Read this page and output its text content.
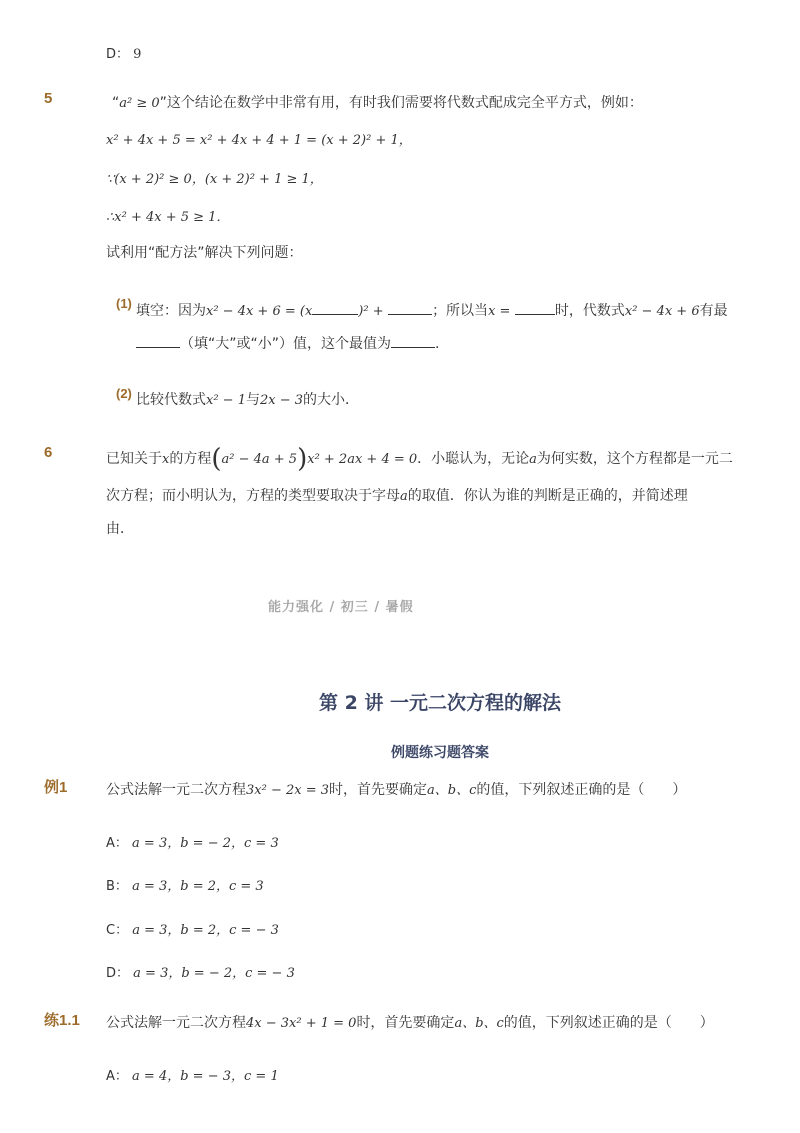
D： 9
5	“a² ≥ 0”这个结论在数学中非常有用，有时我们需要将代数式配成完全平方式，例如：
x² + 4x + 5 = x² + 4x + 4 + 1 = (x + 2)² + 1，
∵(x + 2)² ≥ 0，(x + 2)² + 1 ≥ 1，
∴x² + 4x + 5 ≥ 1．
试利用“配方法”解决下列问题：
(1) 填空：因为x² − 4x + 6 = (x	)² +	；所以当x =	时，代数式x² − 4x + 6有最
（填“大”或“小”）值，这个最值为	.
(2) 比较代数式x² − 1与2x − 3的大小．
6	已知关于x的方程(a² − 4a + 5)x² + 2ax + 4 = 0．小聪认为，无论a为何实数，这个方程都是一元二
次方程；而小明认为，方程的类型要取决于字母a的取值．你认为谁的判断是正确的，并简述理
由．
能力强化 / 初三 / 暑假
第 2 讲 一元二次方程的解法
例题练习题答案
例1	公式法解一元二次方程3x² − 2x = 3时，首先要确定a、b、c的值，下列叙述正确的是（　　）
A： a = 3，b = − 2，c = 3
B： a = 3，b = 2，c = 3
C： a = 3，b = 2，c = − 3
D： a = 3，b = − 2，c = − 3
练1.1 公式法解一元二次方程4x − 3x² + 1 = 0时，首先要确定a、b、c的值，下列叙述正确的是（　　）
A： a = 4，b = − 3，c = 1
